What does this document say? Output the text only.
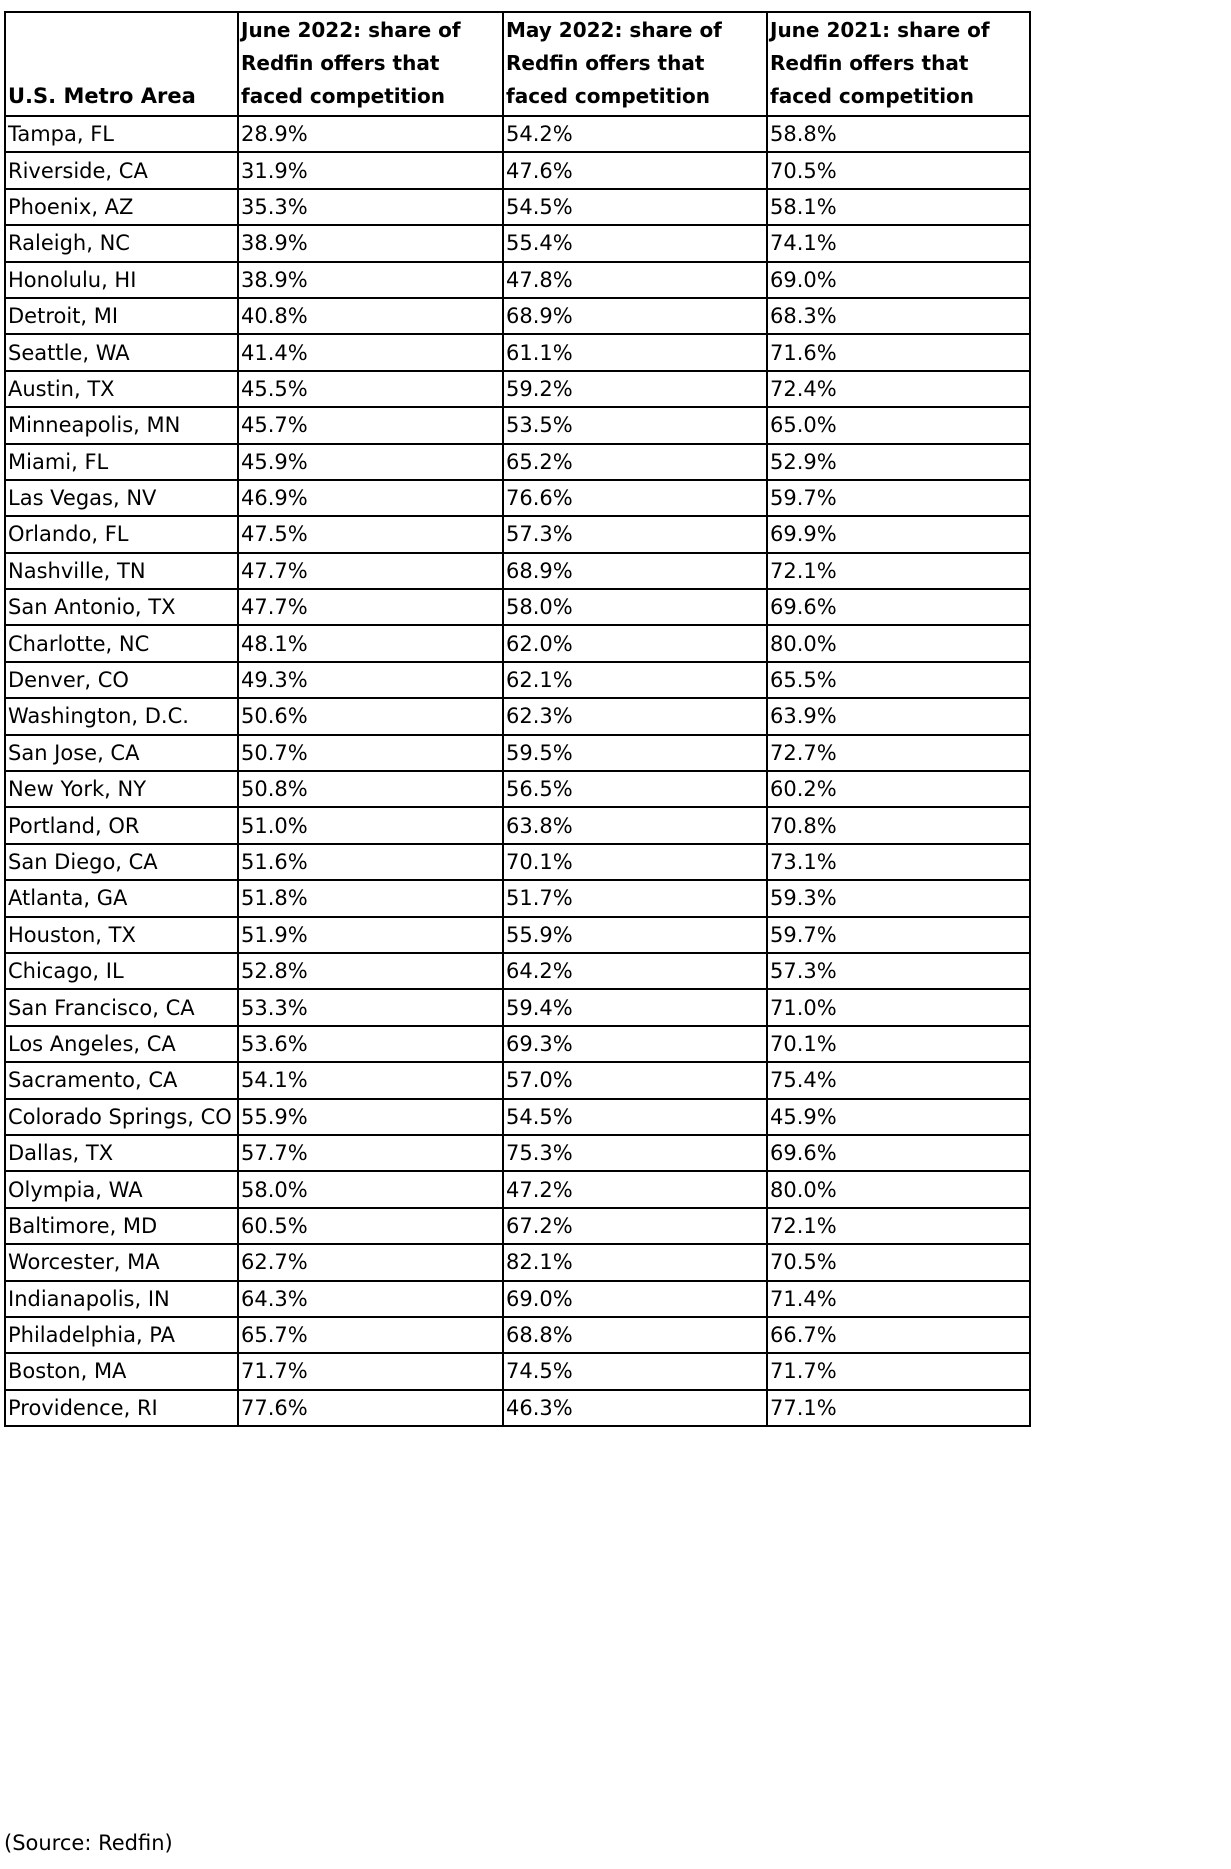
U.S. Metro Area	June 2022: share of Redfin offers that faced competition	May 2022: share of Redfin offers that faced competition	June 2021: share of Redfin offers that faced competition
Tampa, FL	28.9%	54.2%	58.8%
Riverside, CA	31.9%	47.6%	70.5%
Phoenix, AZ	35.3%	54.5%	58.1%
Raleigh, NC	38.9%	55.4%	74.1%
Honolulu, HI	38.9%	47.8%	69.0%
Detroit, MI	40.8%	68.9%	68.3%
Seattle, WA	41.4%	61.1%	71.6%
Austin, TX	45.5%	59.2%	72.4%
Minneapolis, MN	45.7%	53.5%	65.0%
Miami, FL	45.9%	65.2%	52.9%
Las Vegas, NV	46.9%	76.6%	59.7%
Orlando, FL	47.5%	57.3%	69.9%
Nashville, TN	47.7%	68.9%	72.1%
San Antonio, TX	47.7%	58.0%	69.6%
Charlotte, NC	48.1%	62.0%	80.0%
Denver, CO	49.3%	62.1%	65.5%
Washington, D.C.	50.6%	62.3%	63.9%
San Jose, CA	50.7%	59.5%	72.7%
New York, NY	50.8%	56.5%	60.2%
Portland, OR	51.0%	63.8%	70.8%
San Diego, CA	51.6%	70.1%	73.1%
Atlanta, GA	51.8%	51.7%	59.3%
Houston, TX	51.9%	55.9%	59.7%
Chicago, IL	52.8%	64.2%	57.3%
San Francisco, CA	53.3%	59.4%	71.0%
Los Angeles, CA	53.6%	69.3%	70.1%
Sacramento, CA	54.1%	57.0%	75.4%
Colorado Springs, CO	55.9%	54.5%	45.9%
Dallas, TX	57.7%	75.3%	69.6%
Olympia, WA	58.0%	47.2%	80.0%
Baltimore, MD	60.5%	67.2%	72.1%
Worcester, MA	62.7%	82.1%	70.5%
Indianapolis, IN	64.3%	69.0%	71.4%
Philadelphia, PA	65.7%	68.8%	66.7%
Boston, MA	71.7%	74.5%	71.7%
Providence, RI	77.6%	46.3%	77.1%
(Source: Redfin)
